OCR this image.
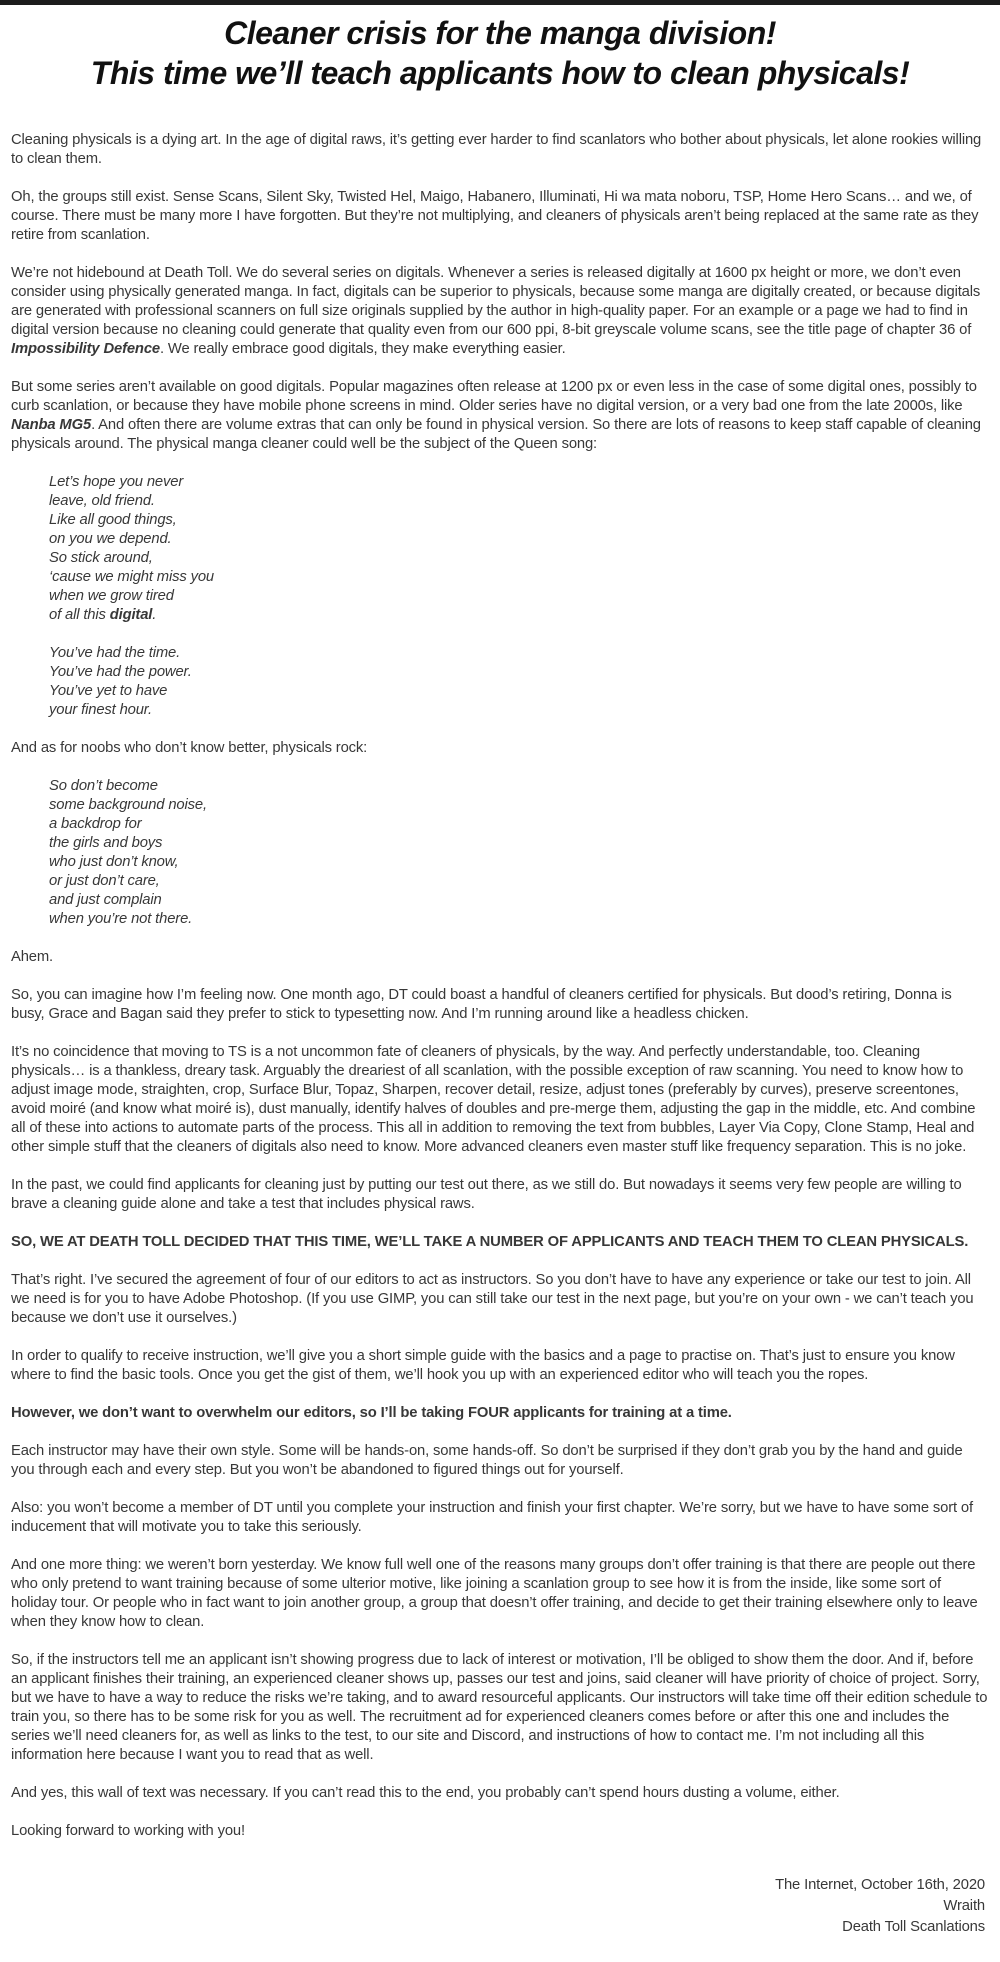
Cleaner crisis for the manga division!
This time we’ll teach applicants how to clean physicals!

Cleaning physicals is a dying art. In the age of digital raws, it’s getting ever harder to find scanlators who bother about physicals, let alone rookies willing to clean them.

Oh, the groups still exist. Sense Scans, Silent Sky, Twisted Hel, Maigo, Habanero, Illuminati, Hi wa mata noboru, TSP, Home Hero Scans… and we, of course. There must be many more I have forgotten. But they’re not multiplying, and cleaners of physicals aren’t being replaced at the same rate as they retire from scanlation.

We’re not hidebound at Death Toll. We do several series on digitals. Whenever a series is released digitally at 1600 px height or more, we don’t even consider using physically generated manga. In fact, digitals can be superior to physicals, because some manga are digitally created, or because digitals are generated with professional scanners on full size originals supplied by the author in high-quality paper. For an example or a page we had to find in digital version because no cleaning could generate that quality even from our 600 ppi, 8-bit greyscale volume scans, see the title page of chapter 36 of Impossibility Defence. We really embrace good digitals, they make everything easier.

But some series aren’t available on good digitals. Popular magazines often release at 1200 px or even less in the case of some digital ones, possibly to curb scanlation, or because they have mobile phone screens in mind. Older series have no digital version, or a very bad one from the late 2000s, like Nanba MG5. And often there are volume extras that can only be found in physical version. So there are lots of reasons to keep staff capable of cleaning physicals around. The physical manga cleaner could well be the subject of the Queen song:

Let’s hope you never
leave, old friend.
Like all good things,
on you we depend.
So stick around,
‘cause we might miss you
when we grow tired
of all this digital.
You’ve had the time.
You’ve had the power.
You’ve yet to have
your finest hour.

And as for noobs who don’t know better, physicals rock:

So don’t become
some background noise,
a backdrop for
the girls and boys
who just don’t know,
or just don’t care,
and just complain
when you’re not there.

Ahem.

So, you can imagine how I’m feeling now. One month ago, DT could boast a handful of cleaners certified for physicals. But dood’s retiring, Donna is busy, Grace and Bagan said they prefer to stick to typesetting now. And I’m running around like a headless chicken.

It’s no coincidence that moving to TS is a not uncommon fate of cleaners of physicals, by the way. And perfectly understandable, too. Cleaning physicals… is a thankless, dreary task. Arguably the dreariest of all scanlation, with the possible exception of raw scanning. You need to know how to adjust image mode, straighten, crop, Surface Blur, Topaz, Sharpen, recover detail, resize, adjust tones (preferably by curves), preserve screentones, avoid moiré (and know what moiré is), dust manually, identify halves of doubles and pre-merge them, adjusting the gap in the middle, etc. And combine all of these into actions to automate parts of the process. This all in addition to removing the text from bubbles, Layer Via Copy, Clone Stamp, Heal and other simple stuff that the cleaners of digitals also need to know. More advanced cleaners even master stuff like frequency separation. This is no joke.

In the past, we could find applicants for cleaning just by putting our test out there, as we still do. But nowadays it seems very few people are willing to brave a cleaning guide alone and take a test that includes physical raws.

SO, WE AT DEATH TOLL DECIDED THAT THIS TIME, WE’LL TAKE A NUMBER OF APPLICANTS AND TEACH THEM TO CLEAN PHYSICALS.

That’s right. I’ve secured the agreement of four of our editors to act as instructors. So you don’t have to have any experience or take our test to join. All we need is for you to have Adobe Photoshop. (If you use GIMP, you can still take our test in the next page, but you’re on your own - we can’t teach you because we don’t use it ourselves.)

In order to qualify to receive instruction, we’ll give you a short simple guide with the basics and a page to practise on. That’s just to ensure you know where to find the basic tools. Once you get the gist of them, we’ll hook you up with an experienced editor who will teach you the ropes.

However, we don’t want to overwhelm our editors, so I’ll be taking FOUR applicants for training at a time.

Each instructor may have their own style. Some will be hands-on, some hands-off. So don’t be surprised if they don’t grab you by the hand and guide you through each and every step. But you won’t be abandoned to figured things out for yourself.

Also: you won’t become a member of DT until you complete your instruction and finish your first chapter. We’re sorry, but we have to have some sort of inducement that will motivate you to take this seriously.

And one more thing: we weren’t born yesterday. We know full well one of the reasons many groups don’t offer training is that there are people out there who only pretend to want training because of some ulterior motive, like joining a scanlation group to see how it is from the inside, like some sort of holiday tour. Or people who in fact want to join another group, a group that doesn’t offer training, and decide to get their training elsewhere only to leave when they know how to clean.

So, if the instructors tell me an applicant isn’t showing progress due to lack of interest or motivation, I’ll be obliged to show them the door. And if, before an applicant finishes their training, an experienced cleaner shows up, passes our test and joins, said cleaner will have priority of choice of project. Sorry, but we have to have a way to reduce the risks we’re taking, and to award resourceful applicants. Our instructors will take time off their edition schedule to train you, so there has to be some risk for you as well. The recruitment ad for experienced cleaners comes before or after this one and includes the series we’ll need cleaners for, as well as links to the test, to our site and Discord, and instructions of how to contact me. I’m not including all this information here because I want you to read that as well.

And yes, this wall of text was necessary. If you can’t read this to the end, you probably can’t spend hours dusting a volume, either.

Looking forward to working with you!

The Internet, October 16th, 2020
Wraith
Death Toll Scanlations
